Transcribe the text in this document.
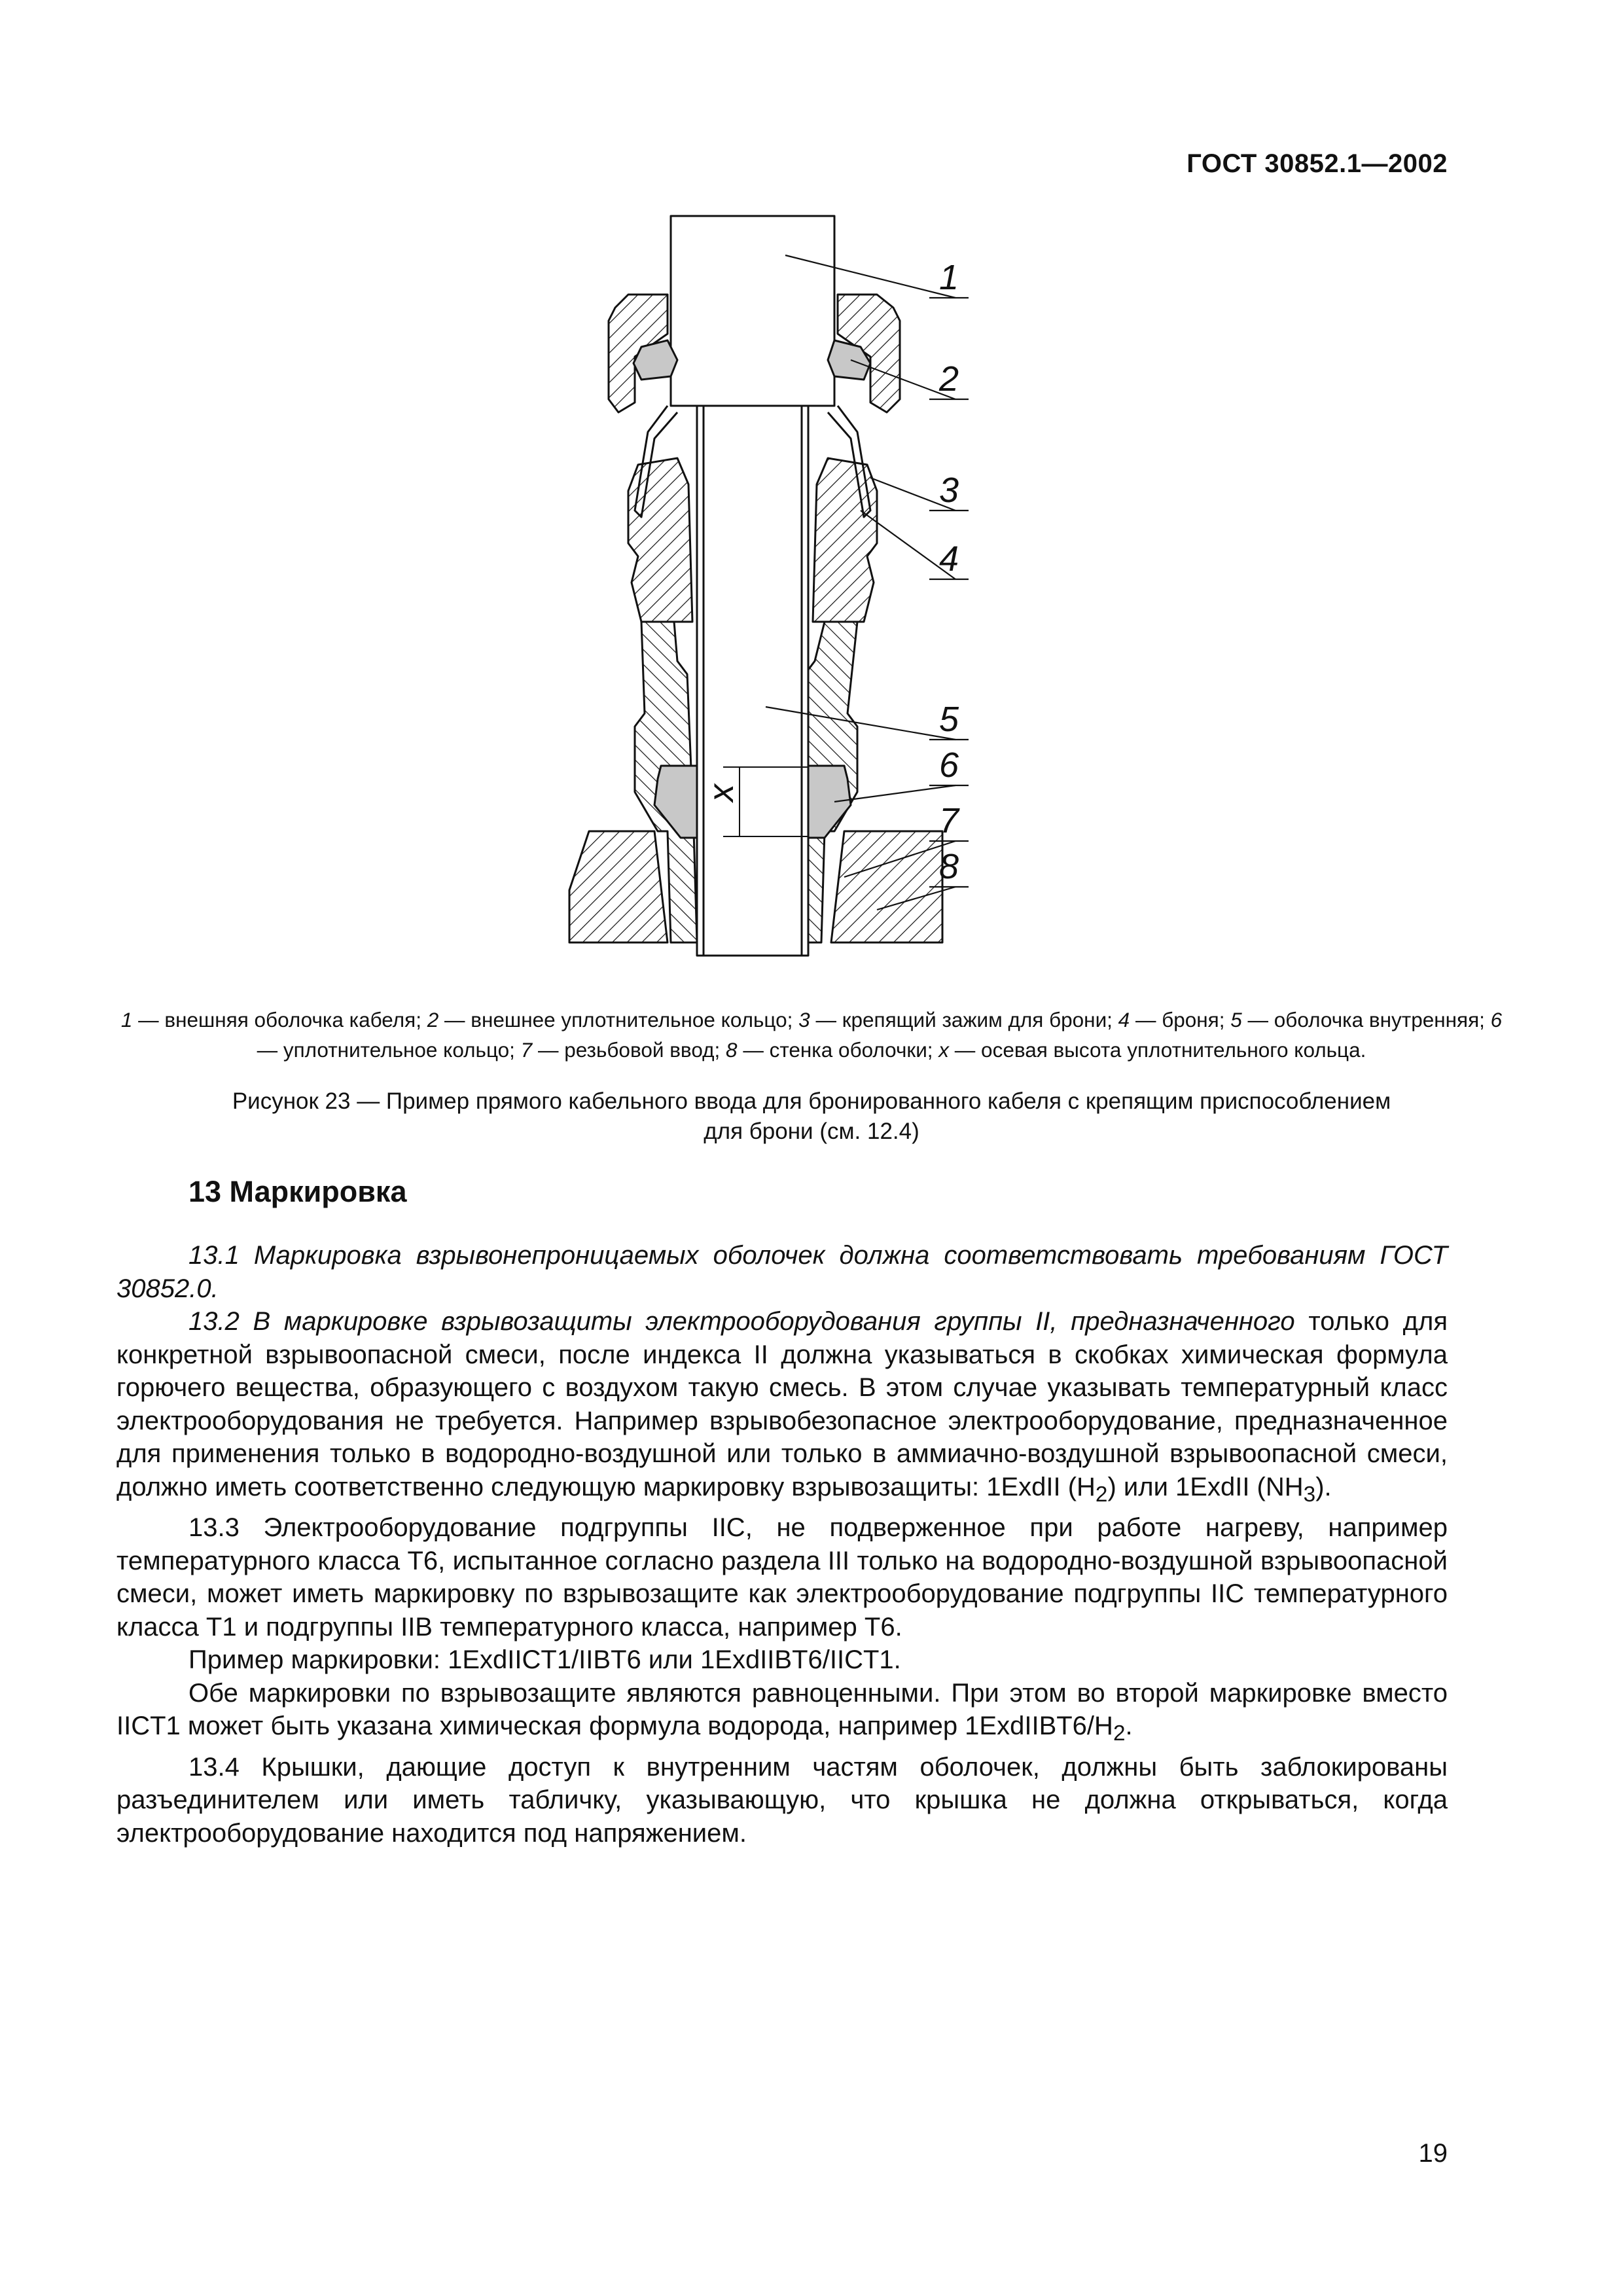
ГОСТ 30852.1—2002
1
2
3
4
5
6
7
8
x
1 — внешняя оболочка кабеля; 2 — внешнее уплотнительное кольцо; 3 — крепящий зажим для брони; 4 — броня; 5 — оболочка внутренняя; 6 — уплотнительное кольцо; 7 — резьбовой ввод; 8 — стенка оболочки; x — осевая высота уплотнительного кольца.
Рисунок 23 — Пример прямого кабельного ввода для бронированного кабеля с крепящим приспособлением
для брони (см. 12.4)
13 Маркировка

13.1 Маркировка взрывонепроницаемых оболочек должна соответствовать требованиям ГОСТ 30852.0.

13.2 В маркировке взрывозащиты электрооборудования группы II, предназначенного только для конкретной взрывоопасной смеси, после индекса II должна указываться в скобках химическая формула горючего вещества, образующего с воздухом такую смесь. В этом случае указывать температурный класс электрооборудования не требуется. Например взрывобезопасное электрооборудование, предназначенное для применения только в водородно-воздушной или только в аммиачно-воздушной взрывоопасной смеси, должно иметь соответственно следующую маркировку взрывозащиты: 1ExdII $(H_2)$ или 1ExdII $(NH_3)$.

13.3 Электрооборудование подгруппы IIC, не подверженное при работе нагреву, например температурного класса Т6, испытанное согласно раздела III только на водородно-воздушной взрывоопасной смеси, может иметь маркировку по взрывозащите как электрооборудование подгруппы IIC температурного класса Т1 и подгруппы IIB температурного класса, например Т6.

Пример маркировки: 1ExdIICT1/IIBT6 или 1ExdIIBT6/IICT1.

Обе маркировки по взрывозащите являются равноценными. При этом во второй маркировке вместо IICT1 может быть указана химическая формула водорода, например $1ExdIIBT6/H_2$.

13.4 Крышки, дающие доступ к внутренним частям оболочек, должны быть заблокированы разъединителем или иметь табличку, указывающую, что крышка не должна открываться, когда электрооборудование находится под напряжением.

19
